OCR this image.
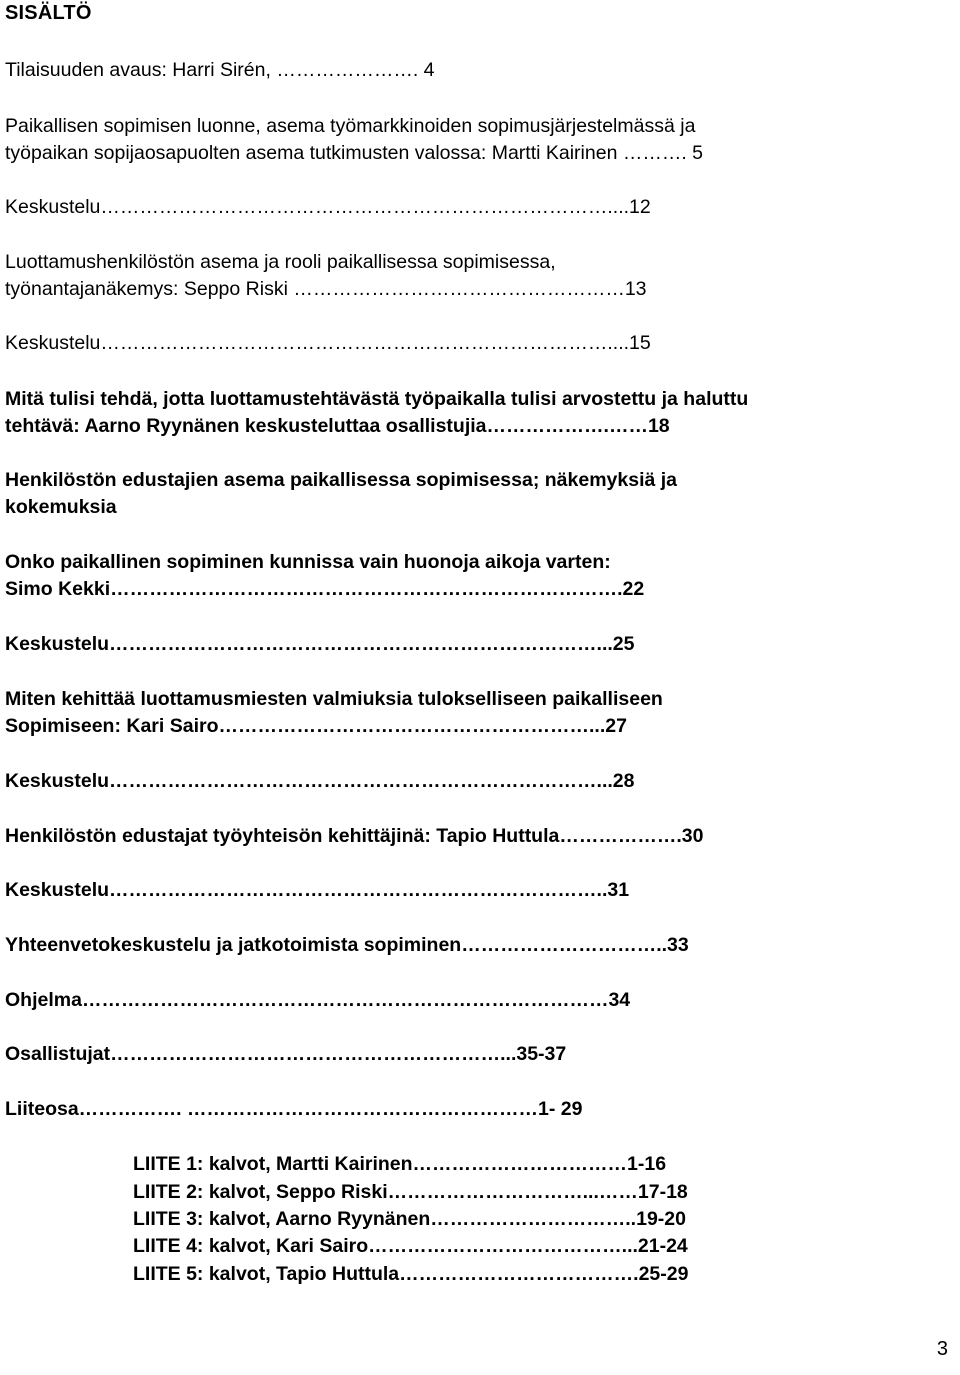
SISÄLTÖ
Tilaisuuden avaus: Harri Sirén, …………………. 4
Paikallisen sopimisen luonne, asema työmarkkinoiden sopimusjärjestelmässä ja
työpaikan sopijaosapuolten asema tutkimusten valossa: Martti Kairinen ………. 5
Keskustelu……………………………………………………………………....12
Luottamushenkilöstön asema ja rooli paikallisessa sopimisessa,
työnantajanäkemys: Seppo Riski ……………………………………………13
Keskustelu……………………………………………………………………....15
Mitä tulisi tehdä, jotta luottamustehtävästä työpaikalla tulisi arvostettu ja haluttu
tehtävä: Aarno Ryynänen keskusteluttaa osallistujia……………….……18
Henkilöstön edustajien asema paikallisessa sopimisessa; näkemyksiä ja
kokemuksia
Onko paikallinen sopiminen kunnissa vain huonoja aikoja varten:
Simo Kekki…………………………………………………………………….22
Keskustelu…………………………………………………………………...25
Miten kehittää luottamusmiesten valmiuksia tulokselliseen paikalliseen
Sopimiseen: Kari Sairo…………………………………………………...27
Keskustelu…………………………………………………………………...28
Henkilöstön edustajat työyhteisön kehittäjinä: Tapio Huttula……………….30
Keskustelu…………………………………………………………………..31
Yhteenvetokeskustelu ja jatkotoimista sopiminen…………………………..33
Ohjelma………………………………………………………………………34
Osallistujat……………………………………………………...35-37
Liiteosa……………. ………………………………………………1- 29
LIITE 1: kalvot, Martti Kairinen……………………………1-16
LIITE 2: kalvot, Seppo Riski…………………………...……17-18
LIITE 3: kalvot, Aarno Ryynänen…………………………..19-20
LIITE 4: kalvot, Kari Sairo…………………………………...21-24
LIITE 5: kalvot, Tapio Huttula……………………………….25-29
3
